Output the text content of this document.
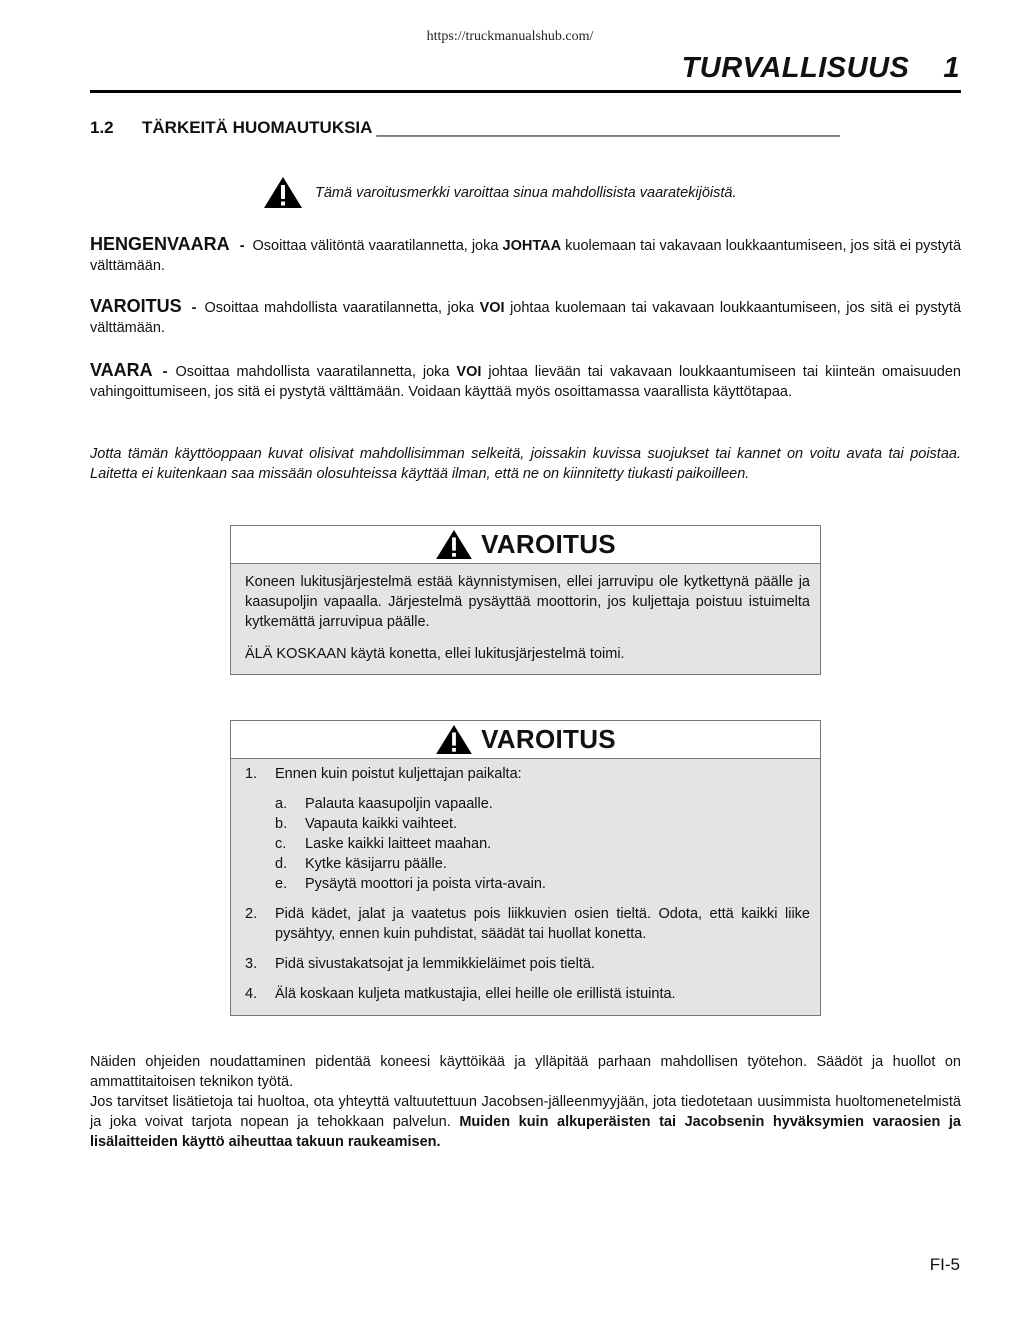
https://truckmanualshub.com/
TURVALLISUUS 1
1.2 TÄRKEITÄ HUOMAUTUKSIA _________________________________________________
Tämä varoitusmerkki varoittaa sinua mahdollisista vaaratekijöistä.
HENGENVAARA - Osoittaa välitöntä vaaratilannetta, joka JOHTAA kuolemaan tai vakavaan loukkaantumiseen, jos sitä ei pystytä välttämään.
VAROITUS - Osoittaa mahdollista vaaratilannetta, joka VOI johtaa kuolemaan tai vakavaan loukkaantumiseen, jos sitä ei pystytä välttämään.
VAARA - Osoittaa mahdollista vaaratilannetta, joka VOI johtaa lievään tai vakavaan loukkaantumiseen tai kiinteän omaisuuden vahingoittumiseen, jos sitä ei pystytä välttämään. Voidaan käyttää myös osoittamassa vaarallista käyttötapaa.
Jotta tämän käyttöoppaan kuvat olisivat mahdollisimman selkeitä, joissakin kuvissa suojukset tai kannet on voitu avata tai poistaa. Laitetta ei kuitenkaan saa missään olosuhteissa käyttää ilman, että ne on kiinnitetty tiukasti paikoilleen.
VAROITUS

Koneen lukitusjärjestelmä estää käynnistymisen, ellei jarruvipu ole kytkettynä päälle ja kaasupoljin vapaalla. Järjestelmä pysäyttää moottorin, jos kuljettaja poistuu istuimelta kytkemättä jarruvipua päälle.

ÄLÄ KOSKAAN käytä konetta, ellei lukitusjärjestelmä toimi.

VAROITUS
1.	Ennen kuin poistut kuljettajan paikalta:
a.	Palauta kaasupoljin vapaalle.
b.	Vapauta kaikki vaihteet.
c.	Laske kaikki laitteet maahan.
d.	Kytke käsijarru päälle.
e.	Pysäytä moottori ja poista virta-avain.
2.	Pidä kädet, jalat ja vaatetus pois liikkuvien osien tieltä. Odota, että kaikki liike pysähtyy, ennen kuin puhdistat, säädät tai huollat konetta.
3.	Pidä sivustakatsojat ja lemmikkieläimet pois tieltä.
4.	Älä koskaan kuljeta matkustajia, ellei heille ole erillistä istuinta.
Näiden ohjeiden noudattaminen pidentää koneesi käyttöikää ja ylläpitää parhaan mahdollisen työtehon. Säädöt ja huollot on ammattitaitoisen teknikon työtä.
Jos tarvitset lisätietoja tai huoltoa, ota yhteyttä valtuutettuun Jacobsen-jälleenmyyjään, jota tiedotetaan uusimmista huoltomenetelmistä ja joka voivat tarjota nopean ja tehokkaan palvelun. Muiden kuin alkuperäisten tai Jacobsenin hyväksymien varaosien ja lisälaitteiden käyttö aiheuttaa takuun raukeamisen.
FI-5
